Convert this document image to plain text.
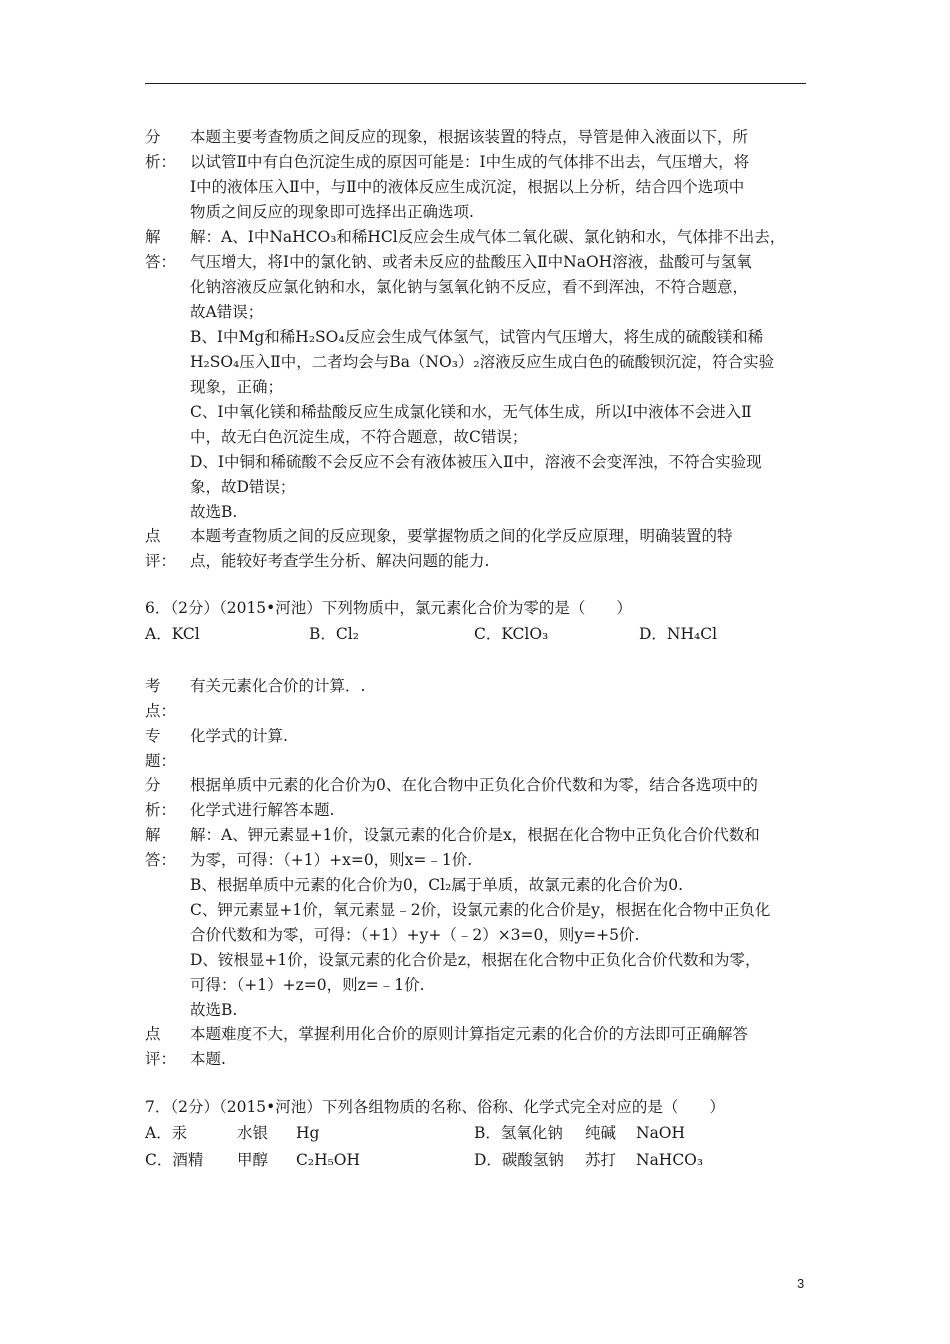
分
析：
本题主要考查物质之间反应的现象，根据该装置的特点，导管是伸入液面以下，所
以试管Ⅱ中有白色沉淀生成的原因可能是：Ⅰ中生成的气体排不出去，气压增大，将
Ⅰ中的液体压入Ⅱ中，与Ⅱ中的液体反应生成沉淀，根据以上分析，结合四个选项中
物质之间反应的现象即可选择出正确选项.
解
答：
解：A、Ⅰ中NaHCO₃和稀HCl反应会生成气体二氧化碳、氯化钠和水，气体排不出去，
气压增大，将Ⅰ中的氯化钠、或者未反应的盐酸压入Ⅱ中NaOH溶液，盐酸可与氢氧
化钠溶液反应氯化钠和水，氯化钠与氢氧化钠不反应，看不到浑浊，不符合题意，
故A错误；
B、Ⅰ中Mg和稀H₂SO₄反应会生成气体氢气，试管内气压增大，将生成的硫酸镁和稀
H₂SO₄压入Ⅱ中，二者均会与Ba（NO₃）₂溶液反应生成白色的硫酸钡沉淀，符合实验
现象，正确；
C、Ⅰ中氧化镁和稀盐酸反应生成氯化镁和水，无气体生成，所以Ⅰ中液体不会进入Ⅱ
中，故无白色沉淀生成，不符合题意，故C错误；
D、Ⅰ中铜和稀硫酸不会反应不会有液体被压入Ⅱ中，溶液不会变浑浊，不符合实验现
象，故D错误；
故选B.
点
评：
本题考查物质之间的反应现象，要掌握物质之间的化学反应原理，明确装置的特
点，能较好考查学生分析、解决问题的能力.
6．（2分）（2015•河池）下列物质中，氯元素化合价为零的是（　　）
A．KCl	B．Cl₂	C．KClO₃	D．NH₄Cl
考
点：
有关元素化合价的计算．.
专
题：
化学式的计算.
分
析：
根据单质中元素的化合价为0、在化合物中正负化合价代数和为零，结合各选项中的
化学式进行解答本题.
解
答：
解：A、钾元素显+1价，设氯元素的化合价是x，根据在化合物中正负化合价代数和
为零，可得：（+1）+x=0，则x=﹣1价.
B、根据单质中元素的化合价为0，Cl₂属于单质，故氯元素的化合价为0.
C、钾元素显+1价，氧元素显﹣2价，设氯元素的化合价是y，根据在化合物中正负化
合价代数和为零，可得：（+1）+y+（﹣2）×3=0，则y=+5价.
D、铵根显+1价，设氯元素的化合价是z，根据在化合物中正负化合价代数和为零，
可得：（+1）+z=0，则z=﹣1价.
故选B.
点
评：
本题难度不大，掌握利用化合价的原则计算指定元素的化合价的方法即可正确解答
本题.
7．（2分）（2015•河池）下列各组物质的名称、俗称、化学式完全对应的是（　　）
A．汞	水银 Hg	B．氢氧化钠 纯碱 NaOH
C．酒精 甲醇 C₂H₅OH	D．碳酸氢钠 苏打 NaHCO₃
3
